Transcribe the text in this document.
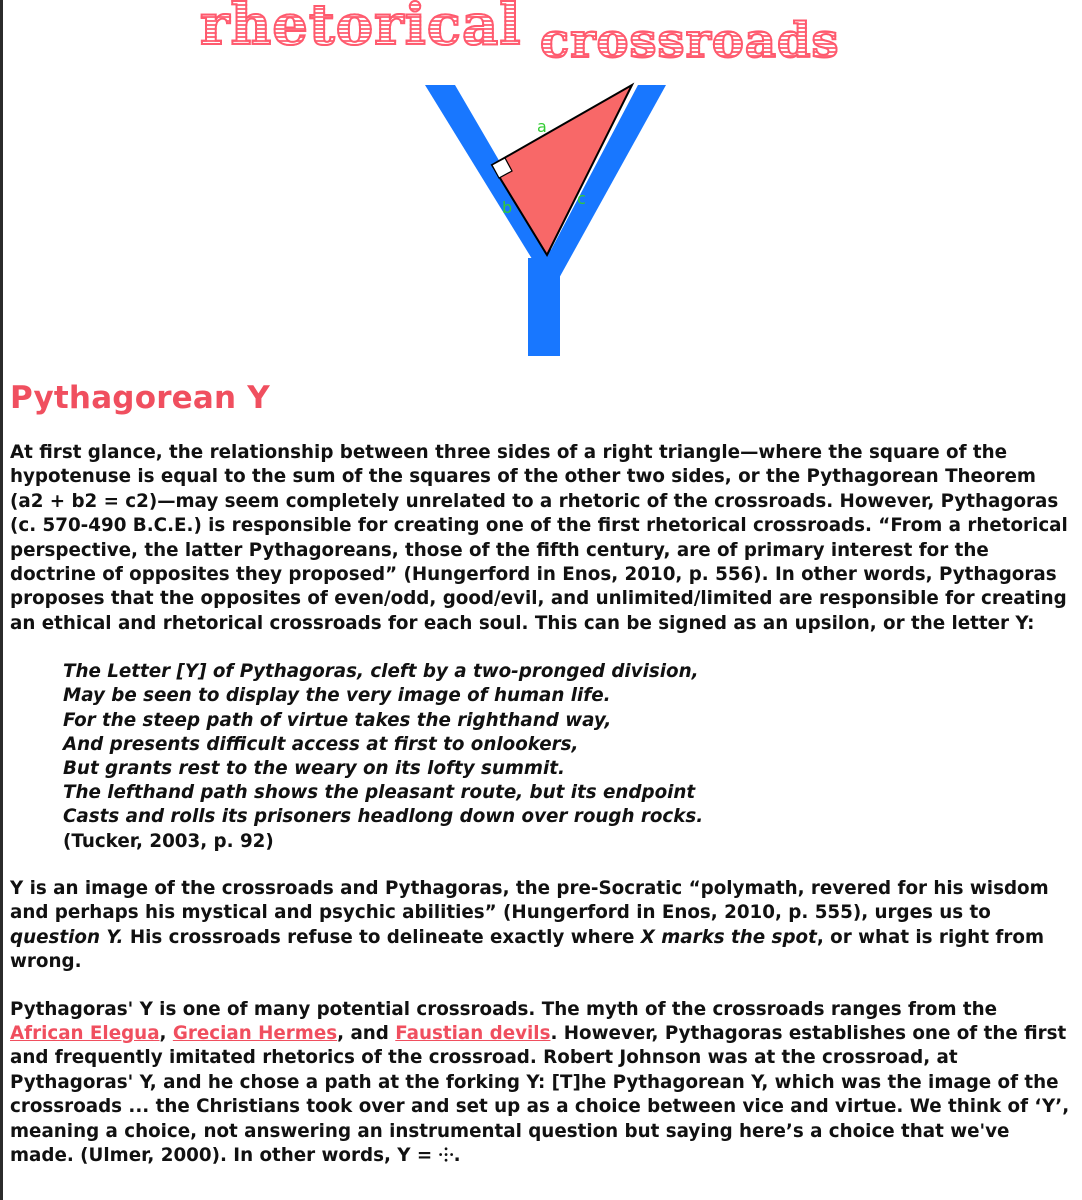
rhetorical crossroads
a
b	c
Pythagorean Y

At first glance, the relationship between three sides of a right triangle—where the square of the hypotenuse is equal to the sum of the squares of the other two sides, or the Pythagorean Theorem (a2 + b2 = c2)—may seem completely unrelated to a rhetoric of the crossroads. However, Pythagoras (c. 570-490 B.C.E.) is responsible for creating one of the first rhetorical crossroads. “From a rhetorical perspective, the latter Pythagoreans, those of the fifth century, are of primary interest for the doctrine of opposites they proposed” (Hungerford in Enos, 2010, p. 556). In other words, Pythagoras proposes that the opposites of even/odd, good/evil, and unlimited/limited are responsible for creating an ethical and rhetorical crossroads for each soul. This can be signed as an upsilon, or the letter Y:

The Letter [Y] of Pythagoras, cleft by a two-pronged division,
May be seen to display the very image of human life.
For the steep path of virtue takes the righthand way,
And presents difficult access at first to onlookers,
But grants rest to the weary on its lofty summit.
The lefthand path shows the pleasant route, but its endpoint
Casts and rolls its prisoners headlong down over rough rocks.
(Tucker, 2003, p. 92)

Y is an image of the crossroads and Pythagoras, the pre-Socratic “polymath, revered for his wisdom and perhaps his mystical and psychic abilities” (Hungerford in Enos, 2010, p. 555), urges us to question Y. His crossroads refuse to delineate exactly where X marks the spot, or what is right from wrong.

Pythagoras' Y is one of many potential crossroads. The myth of the crossroads ranges from the African Elegua, Grecian Hermes, and Faustian devils. However, Pythagoras establishes one of the first and frequently imitated rhetorics of the crossroad. Robert Johnson was at the crossroad, at Pythagoras' Y, and he chose a path at the forking Y: [T]he Pythagorean Y, which was the image of the crossroads ... the Christians took over and set up as a choice between vice and virtue. We think of ‘Y’, meaning a choice, not answering an instrumental question but saying here’s a choice that we've made. (Ulmer, 2000). In other words, Y = ⸭.
